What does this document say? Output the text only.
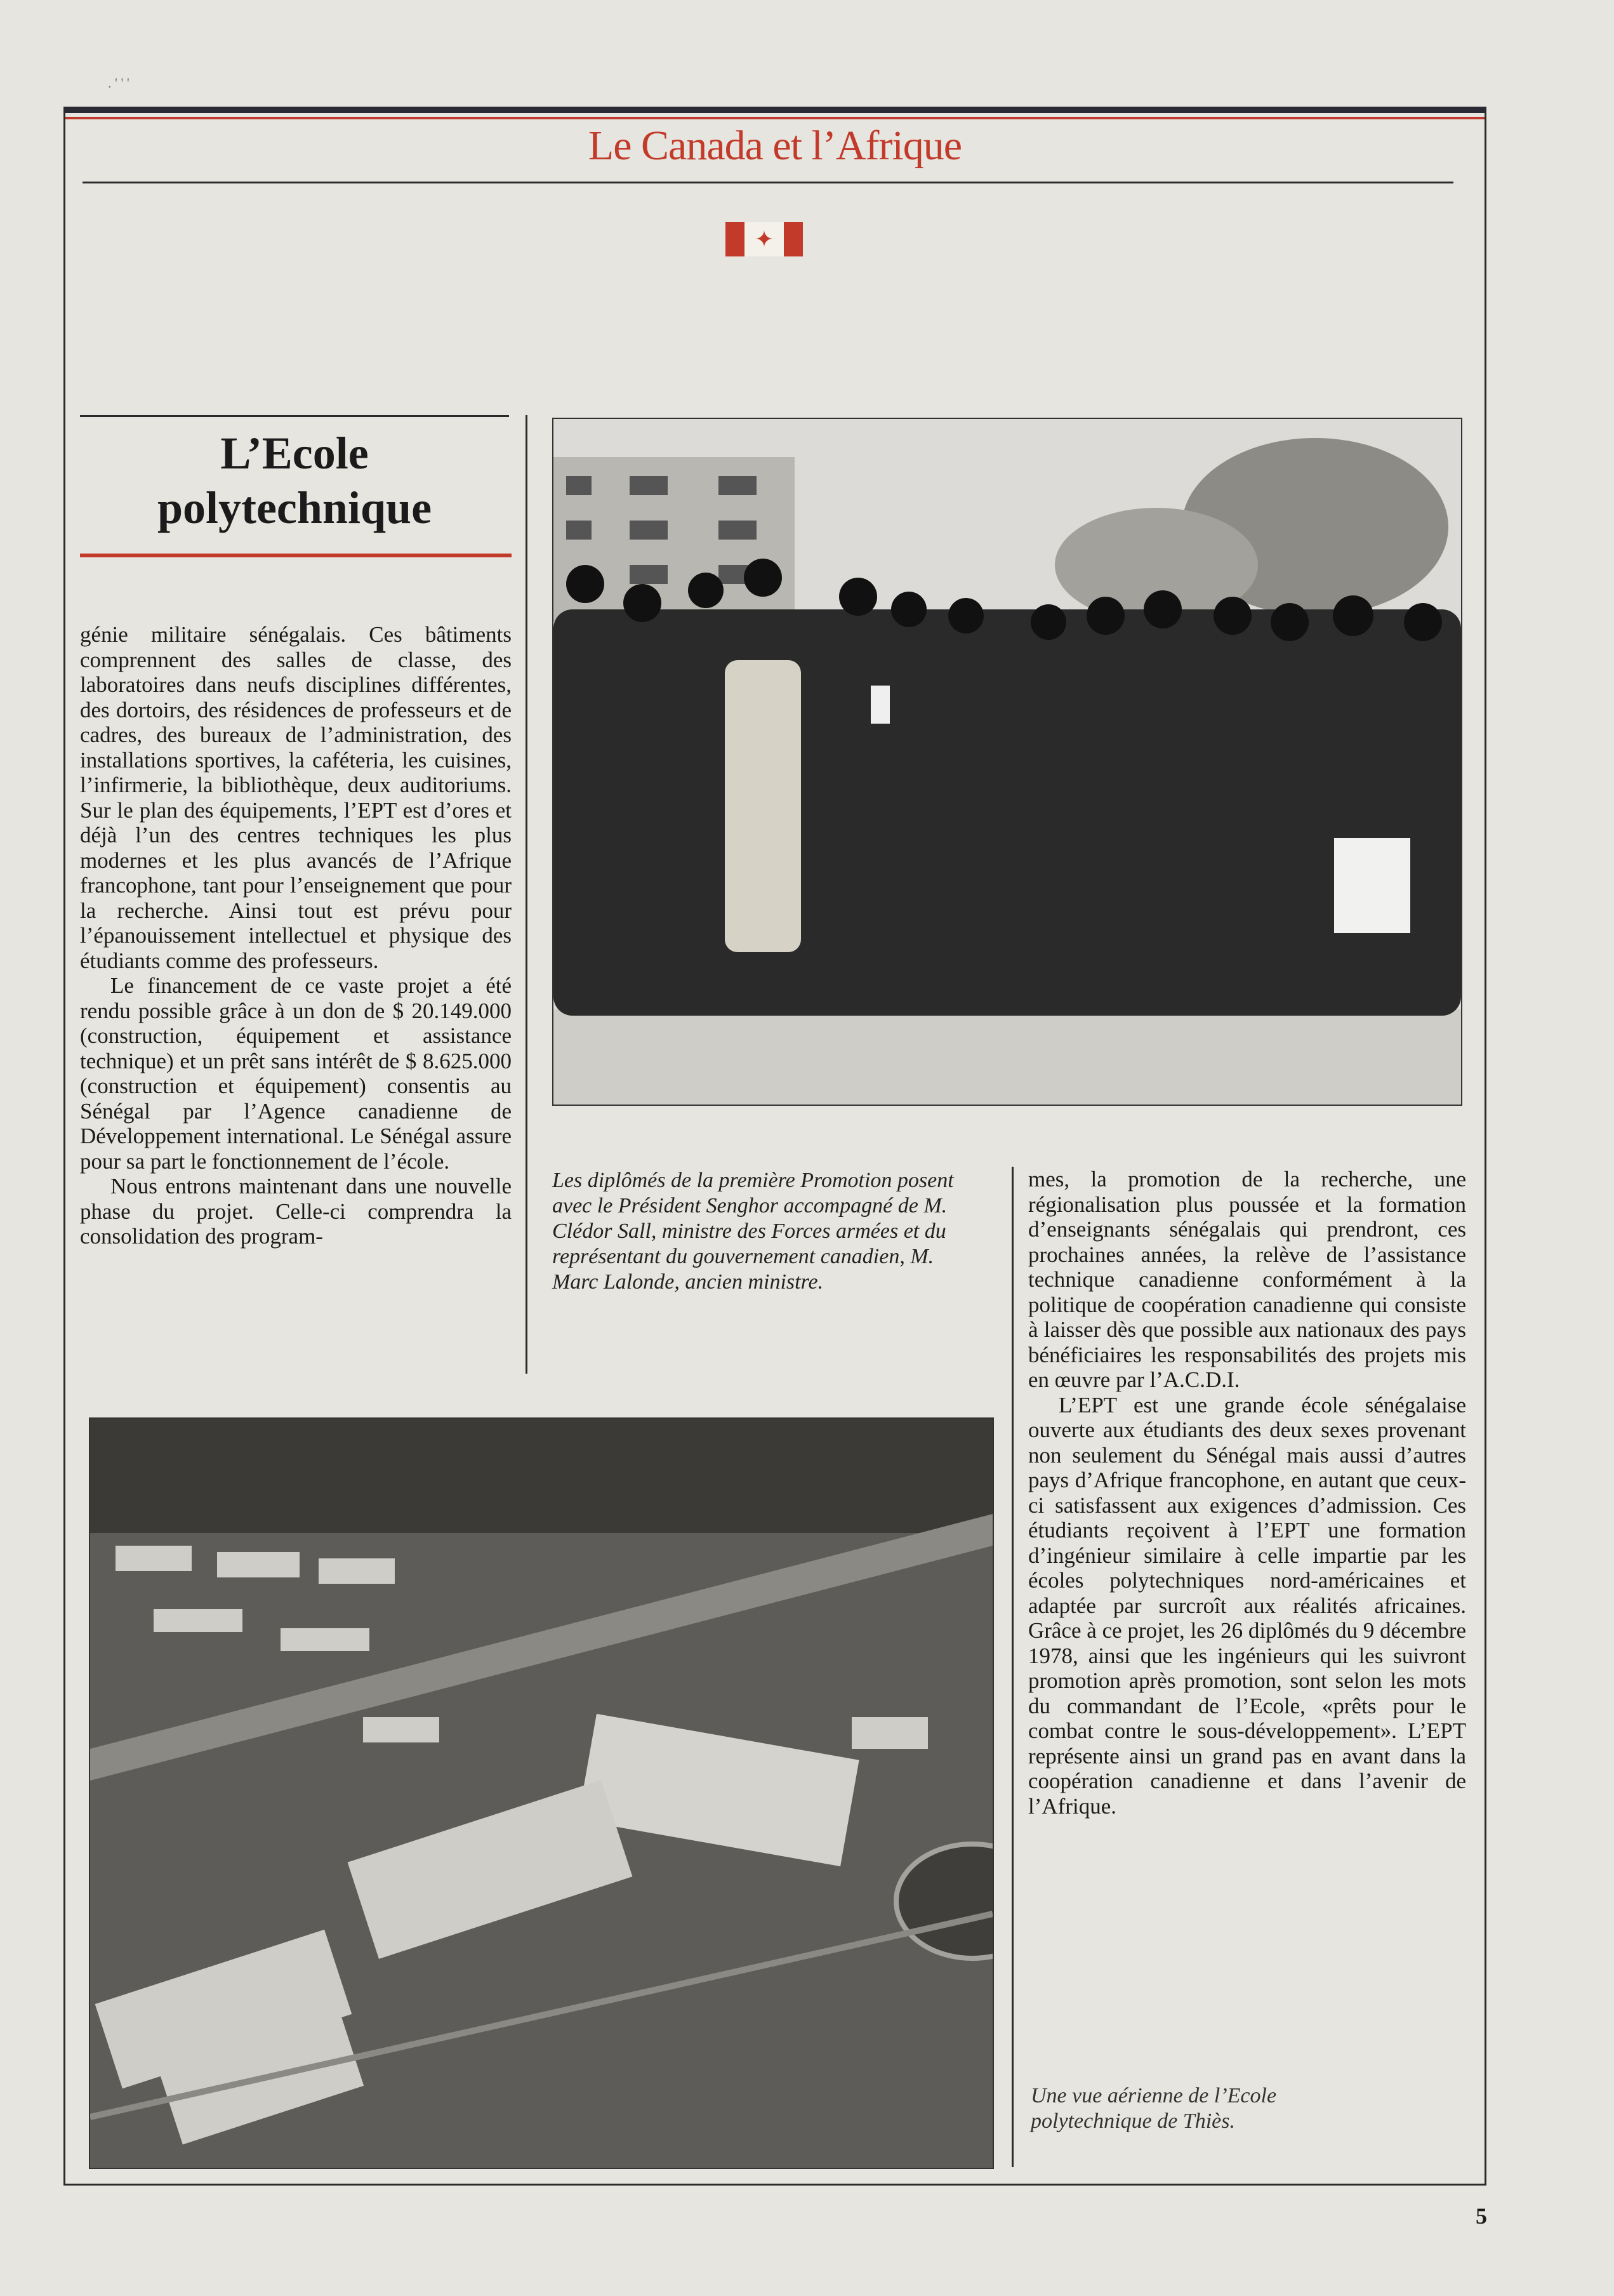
. ' ' '
Le Canada et l’Afrique
✦
L’Ecole
polytechnique

génie militaire sénégalais. Ces bâtiments comprennent des salles de classe, des laboratoires dans neufs disciplines différentes, des dortoirs, des résidences de professeurs et de cadres, des bureaux de l’administration, des installations sportives, la caféteria, les cuisines, l’infirmerie, la bibliothèque, deux auditoriums. Sur le plan des équipements, l’EPT est d’ores et déjà l’un des centres techniques les plus modernes et les plus avancés de l’Afrique francophone, tant pour l’enseignement que pour la recherche. Ainsi tout est prévu pour l’épanouissement intellectuel et physique des étudiants comme des professeurs.

Le financement de ce vaste projet a été rendu possible grâce à un don de $ 20.149.000 (construction, équipement et assistance technique) et un prêt sans intérêt de $ 8.625.000 (construction et équipement) consentis au Sénégal par l’Agence canadienne de Développement international. Le Sénégal assure pour sa part le fonctionnement de l’école.

Nous entrons maintenant dans une nouvelle phase du projet. Celle-ci comprendra la consolidation des program-

Les diplômés de la première Promotion posent avec le Président Senghor accompagné de M. Clédor Sall, ministre des Forces armées et du représentant du gouvernement canadien, M. Marc Lalonde, ancien ministre.

mes, la promotion de la recherche, une régionalisation plus poussée et la formation d’enseignants sénégalais qui prendront, ces prochaines années, la relève de l’assistance technique canadienne conformément à la politique de coopération canadienne qui consiste à laisser dès que possible aux nationaux des pays bénéficiaires les responsabilités des projets mis en œuvre par l’A.C.D.I.

L’EPT est une grande école sénégalaise ouverte aux étudiants des deux sexes provenant non seulement du Sénégal mais aussi d’autres pays d’Afrique francophone, en autant que ceux-ci satisfassent aux exigences d’admission. Ces étudiants reçoivent à l’EPT une formation d’ingénieur similaire à celle impartie par les écoles polytechniques nord-américaines et adaptée par surcroît aux réalités africaines. Grâce à ce projet, les 26 diplômés du 9 décembre 1978, ainsi que les ingénieurs qui les suivront promotion après promotion, sont selon les mots du commandant de l’Ecole, «prêts pour le combat contre le sous-développement». L’EPT représente ainsi un grand pas en avant dans la coopération canadienne et dans l’avenir de l’Afrique.

Une vue aérienne de l’Ecole polytechnique de Thiès.
5
